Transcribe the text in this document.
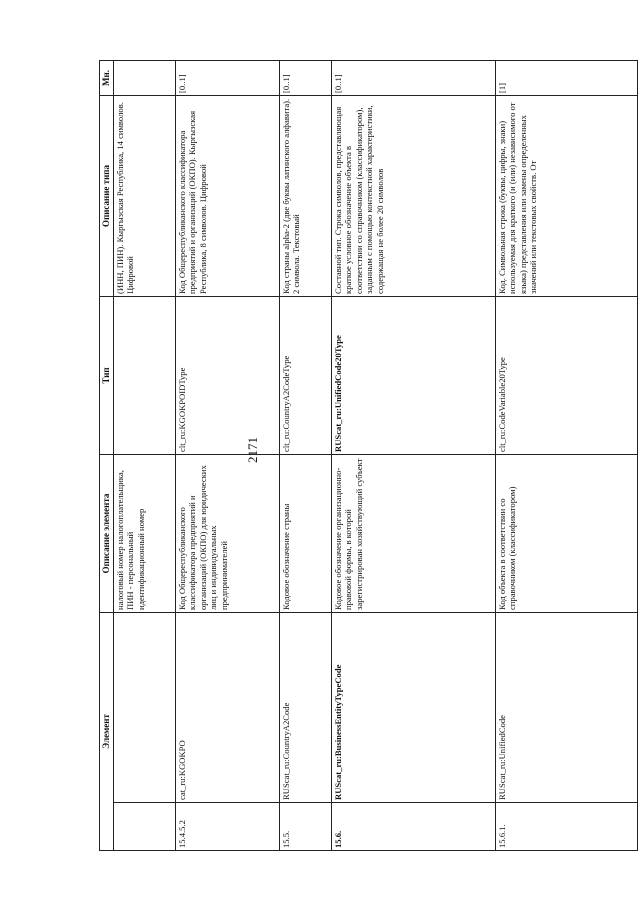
2171
Элемент		Описание элемента	Тип	Описание типа	Мн.
		налоговый номер налогоплательщика, ПИН - персональный идентификационный номер		(ИНН, ПИН). Кыргызская Республика, 14 символов. Цифровой	
15.4.5.2	cat_ru:KGOKPO	Код Общереспубликанского классификатора предприятий и организаций (ОКПО) для юридических лиц и индивидуальных предпринимателей	clt_ru:KGOKPOIDType	Код Общереспубликанского классификатора предприятий и организаций (ОКПО). Кыргызская Республика, 8 символов. Цифровой	[0..1]
15.5.	RUScat_ru:CountryA2Code	Кодовое обозначение страны	clt_ru:CountryA2CodeType	Код страны alpha-2 (две буквы латинского алфавита). 2 символа. Текстовый	[0..1]
15.6.	RUScat_ru:BusinessEntityTypeCode	Кодовое обозначение организационно-правовой формы, в которой зарегистрирован хозяйствующий субъект	RUScat_ru:UnifiedCode20Type	Составной тип. Строка символов, представляющая краткое условное обозначение объекта в соответствии со справочником (классификатором), заданным с помощью контекстной характеристики, содержащая не более 20 символов	[0..1]
15.6.1.	RUScat_ru:UnifiedCode	Код объекта в соответствии со справочником (классификатором)	clt_ru:CodeVariable20Type	Код. Символьная строка (буквы, цифры, знаки) используемая для краткого (и (или) независимого от языка) представления или замены определенных значений или текстовых свойств. От	[1]
